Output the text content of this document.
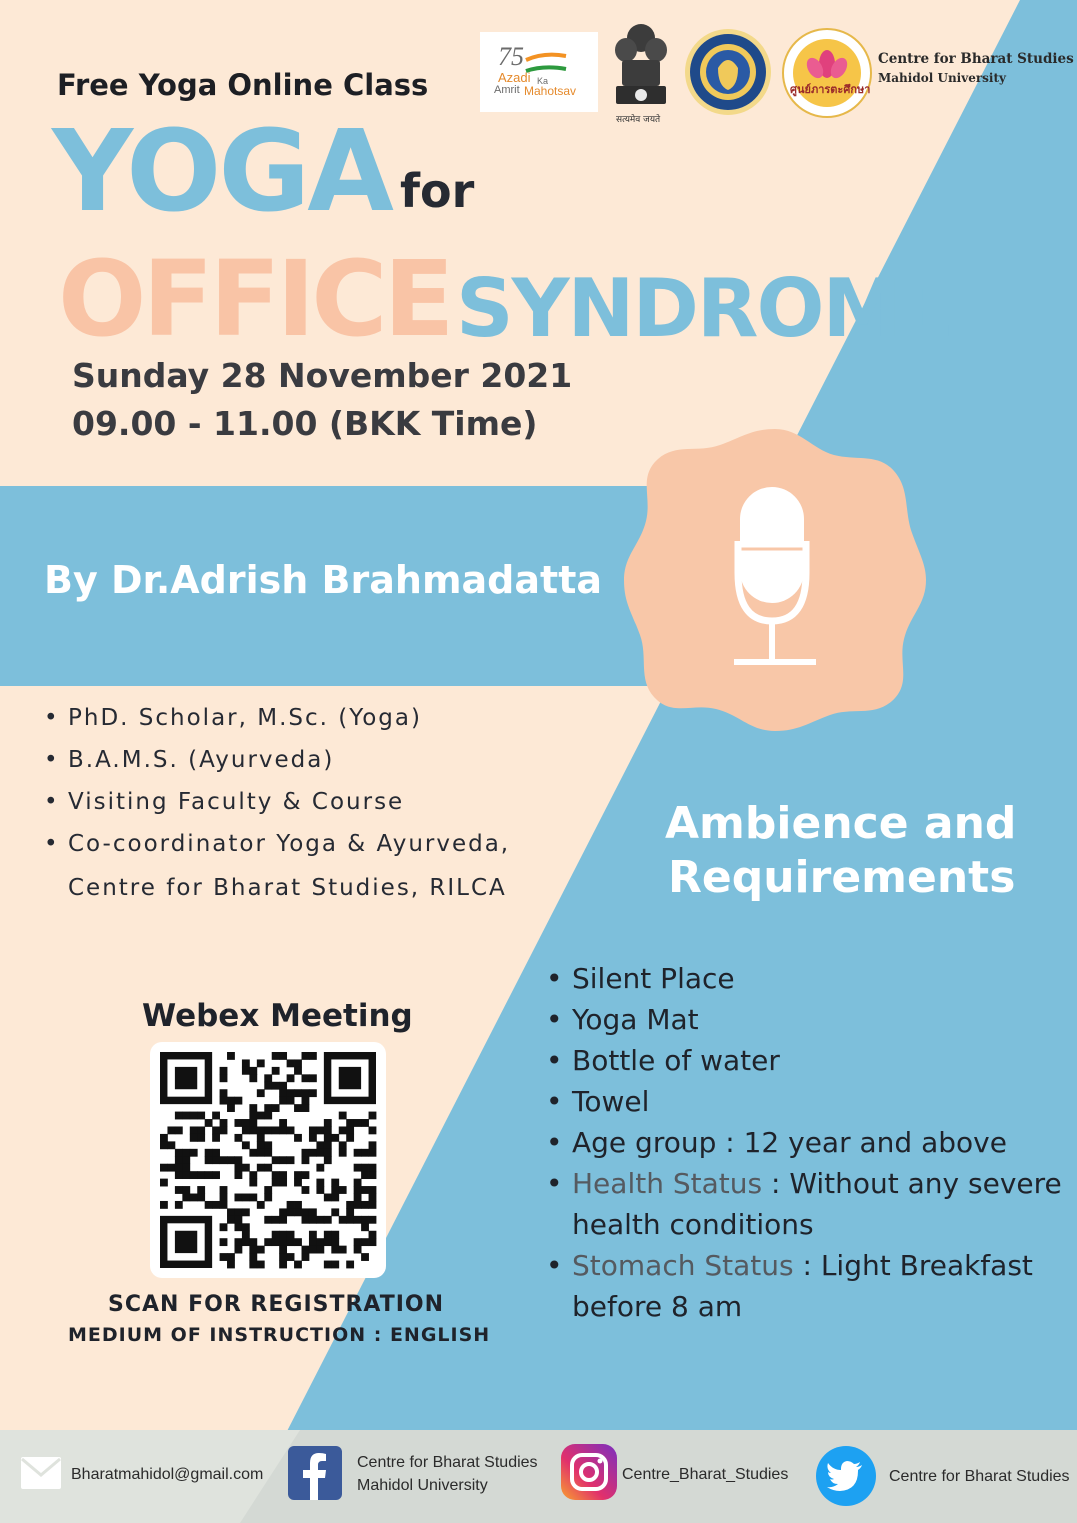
75
Azadi Ka
Amrit Mahotsav
सत्यमेव जयते
ศูนย์ภารตะศึกษา
Centre for Bharat Studies
Mahidol University
Free Yoga Online Class
YOGA for
OFFICE SYNDROME
Sunday 28 November 2021
09.00 - 11.00 (BKK Time)
By Dr.Adrish Brahmadatta
• PhD. Scholar, M.Sc. (Yoga)
• B.A.M.S. (Ayurveda)
• Visiting Faculty & Course
• Co-coordinator Yoga & Ayurveda,
Centre for Bharat Studies, RILCA
Ambience and
Requirements
• Silent Place
• Yoga Mat
• Bottle of water
• Towel
• Age group : 12 year and above
• Health Status : Without any severe
health conditions
• Stomach Status : Light Breakfast
before 8 am
Webex Meeting
SCAN FOR REGISTRATION
MEDIUM OF INSTRUCTION : ENGLISH
Bharatmahidol@gmail.com
Centre for Bharat Studies
Mahidol University
Centre_Bharat_Studies	Centre for Bharat Studies
